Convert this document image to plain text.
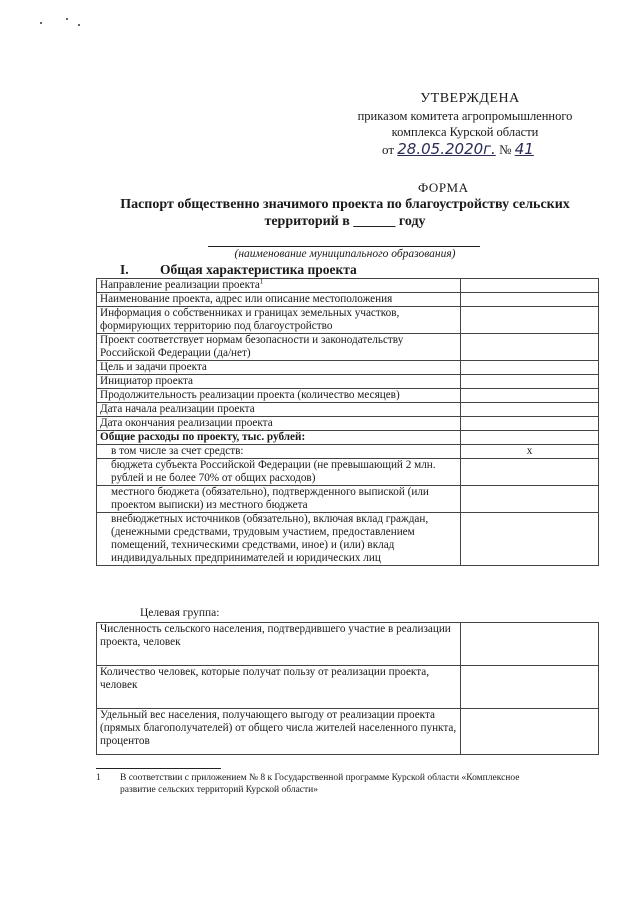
УТВЕРЖДЕНА
приказом комитета агропромышленного
комплекса Курской области
от 28.05.2020г. № 41
ФОРМА
Паспорт общественно значимого проекта по благоустройству сельских
территорий в ______ году
(наименование муниципального образования)
I. Общая характеристика проекта
Направление реализации проекта$^1$	
Наименование проекта, адрес или описание местоположения	
Информация о собственниках и границах земельных участков, формирующих территорию под благоустройство	
Проект соответствует нормам безопасности и законодательству Российской Федерации (да/нет)	
Цель и задачи проекта	
Инициатор проекта	
Продолжительность реализации проекта (количество месяцев)	
Дата начала реализации проекта	
Дата окончания реализации проекта	
Общие расходы по проекту, тыс. рублей:	
в том числе за счет средств:	х
бюджета субъекта Российской Федерации (не превышающий 2 млн. рублей и не более 70% от общих расходов)	
местного бюджета (обязательно), подтвержденного выпиской (или проектом выписки) из местного бюджета	
внебюджетных источников (обязательно), включая вклад граждан, (денежными средствами, трудовым участием, предоставлением помещений, техническими средствами, иное) и (или) вклад индивидуальных предпринимателей и юридических лиц	
Целевая группа:
Численность сельского населения, подтвердившего участие в реализации проекта, человек	
Количество человек, которые получат пользу от реализации проекта, человек	
Удельный вес населения, получающего выгоду от реализации проекта (прямых благополучателей) от общего числа жителей населенного пункта, процентов	
1 В соответствии с приложением № 8 к Государственной программе Курской области «Комплексное развитие сельских территорий Курской области»
